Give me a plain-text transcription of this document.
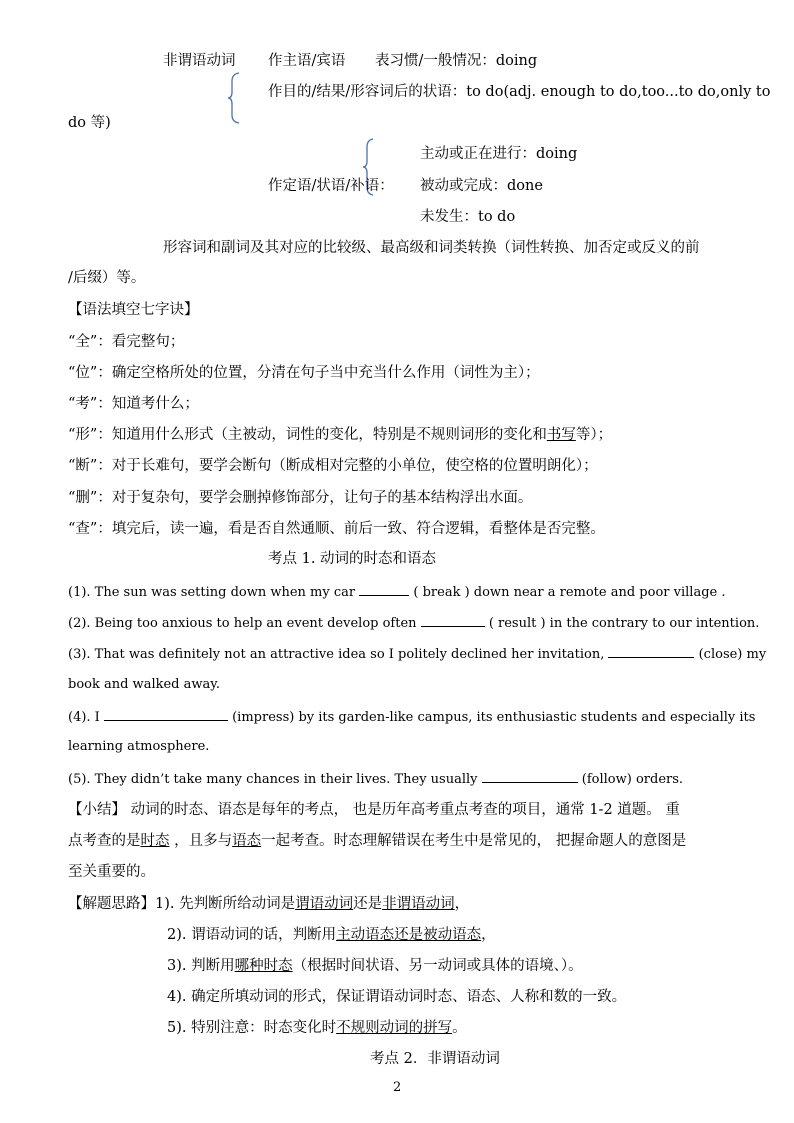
非谓语动词 作主语/宾语 表习惯/一般情况：doing
作目的/结果/形容词后的状语：to do(adj. enough to do,too...to do,only to
do 等)
主动或正在进行：doing
作定语/状语/补语： 被动或完成：done
未发生：to do
形容词和副词及其对应的比较级、最高级和词类转换（词性转换、加否定或反义的前
/后缀）等。
【语法填空七字诀】
“全”：看完整句；
“位”：确定空格所处的位置，分清在句子当中充当什么作用（词性为主）；
“考”：知道考什么；
“形”：知道用什么形式（主被动，词性的变化，特别是不规则词形的变化和书写等）；
“断”：对于长难句，要学会断句（断成相对完整的小单位，使空格的位置明朗化）；
“删”：对于复杂句，要学会删掉修饰部分，让句子的基本结构浮出水面。
“查”：填完后，读一遍，看是否自然通顺、前后一致、符合逻辑，看整体是否完整。
考点 1. 动词的时态和语态
(1). The sun was setting down when my car	( break ) down near a remote and poor village .
(2). Being too anxious to help an event develop often	( result ) in the contrary to our intention.
(3). That was definitely not an attractive idea so I politely declined her invitation,	(close) my
book and walked away.
(4). I	(impress) by its garden-like campus, its enthusiastic students and especially its
learning atmosphere.
(5). They didn’t take many chances in their lives. They usually	(follow) orders.
【小结】 动词的时态、语态是每年的考点， 也是历年高考重点考查的项目，通常 1-2 道题。 重
点考查的是时态 ，且多与语态一起考查。时态理解错误在考生中是常见的， 把握命题人的意图是
至关重要的。
【解题思路】1). 先判断所给动词是谓语动词还是非谓语动词，
2). 谓语动词的话，判断用主动语态还是被动语态，
3). 判断用哪种时态（根据时间状语、另一动词或具体的语境、）。
4). 确定所填动词的形式，保证谓语动词时态、语态、人称和数的一致。
5). 特别注意：时态变化时不规则动词的拼写。
考点 2．非谓语动词
2
